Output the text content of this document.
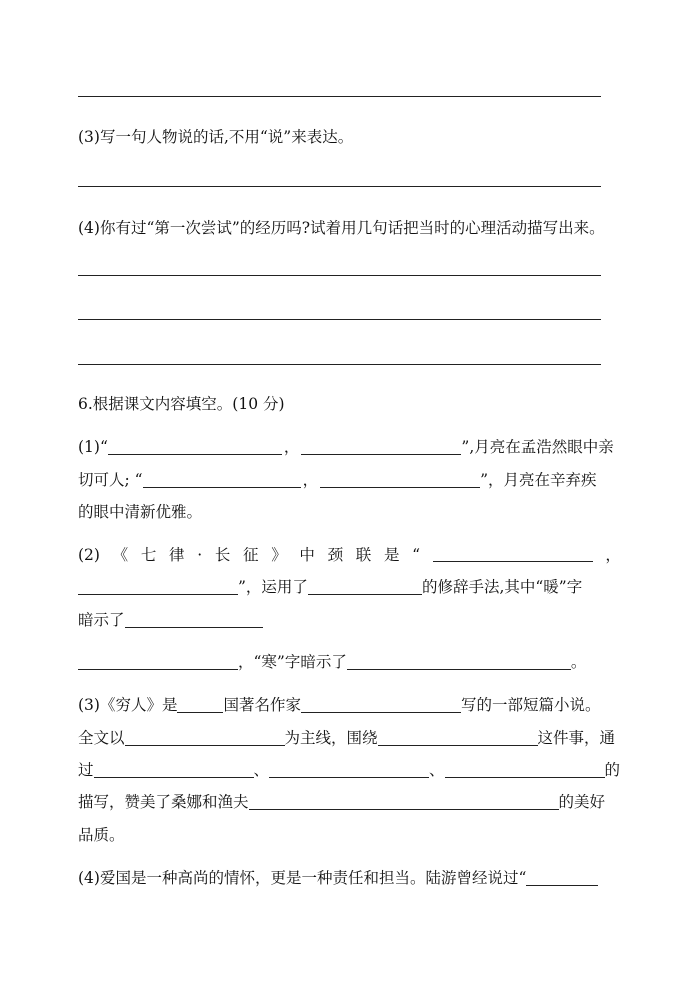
(3)写一句人物说的话,不用“说”来表达。
(4)你有过“第一次尝试”的经历吗?试着用几句话把当时的心理活动描写出来。
6.根据课文内容填空。(10 分)
(1)“	，	”,月亮在孟浩然眼中亲
切可人; “	，	”，月亮在辛弃疾
的眼中清新优雅。
(2) 《 七 律 · 长 征 》 中 颈 联 是 “	，
”，运用了	的修辞手法,其中“暖”字
暗示了
，“寒”字暗示了	。
(3)《穷人》是	国著名作家	写的一部短篇小说。
全文以	为主线，围绕	这件事，通
过	、	、	的
描写，赞美了桑娜和渔夫	的美好
品质。
(4)爱国是一种高尚的情怀，更是一种责任和担当。陆游曾经说过“
